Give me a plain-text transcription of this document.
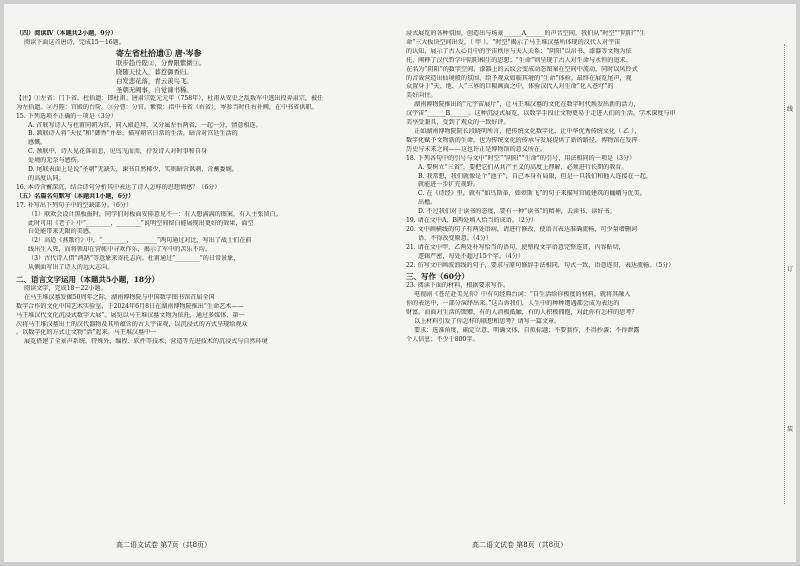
（四）阅读Ⅳ（本题共2小题，9分）

阅读下面这首唐诗，完成15～16题。

寄左省杜拾遗① 唐·岑参

联步趋丹陛②，分曹限紫微③。

晓随天仗入，暮惹御香归。

白发悲花落，青云羡鸟飞。

圣朝无阙事，自觉谏书稀。

【注】①左省：门下省。杜拾遗：即杜甫。唐肃宗乾元元年（758年），杜甫从安史之乱叛军中逃出投奔肃宗，被任

为左拾遗。②丹陛：宫殿的台阶。③分曹：分官。紫微：指中书省（右省），岑参当时任右补阙，在中书省供职。

15. 下列选项不正确的一项是（3分）

A. 首联写诗人与杜甫同朝为官，同入殿趋拜，又分属左右两省，一起一分，情意相连。

B. 颔联诗人将“天仗”和“御香”并举，描写朝官日常的生活，暗含对宫廷生活的

感慨。

C. 颈联中，诗人见花落而悲，见鸟飞而羡，抒发诗人对时事和自身

处境的无奈与感伤。

D. 尾联表面上是说“圣朝”无缺失，谏书自然稀少，实则暗含讽刺，含蓄委婉。

的高度认同。

16. 本诗含蓄深沉，结合诗句分析其中表达了诗人怎样的思想情感？（6分）

（五）名篇名句默写（本题共1小题，6分）

17. 补写出下列句子中的空缺部分。（6分）

（1）联欢会设计黑板报时，同学们对板面安排意见不一：有人想满满的图案，有人主张留白。

此时可用《老子》中“________，________”说明空间留白能展现出更好的效果，面空

白处能带来无限的美感。

（2）高适《燕歌行》中，“________，________”两句通过对比，写出了战士们在前

线出生入死，而将领却在营帐中寻欢作乐，揭示了军中的苦乐不均。

（3）古代诗人借“鸿鹄”等意象来寄托志向。杜甫通过“________”的日常景象，

从侧面写出了诗人的远大志向。

二、语言文字运用（本题共5小题，18分）

阅读文字，完成18～22小题。

在马王堆汉墓发掘50周年之际，湖南博物院与中国数字图书馆首届全国

数字合作的文化中国艺术实验室，于2024年6月8日在湖南博物院推出“生命艺术——

马王堆汉代文化沉浸式数字大展”。展览以马王堆汉墓文物为依托，通过多媒体、第一

次将马王堆汉墓出土的汉代器物及其所蕴含的古人宇宙观，以沉浸式的方式呈现给观众

。以数字化的方式让文物“活”起来。马王堆汉墓中一

展览搭建了全景声系统、特殊外、编程、软件等技术，营造等先进技术的沉浸式与自然环境

浸式展览的各种氛围，创造出与场景______A______的声音空间。我们从“时空”“阴阳”“生

命”三大板块空间出发，（ 甲 ）。“时空”揭示了马王堆汉墓所体现的汉代人对宇宙

的认知，展示了古人心目中的宇宙秩序与天人关系；“阴阳”以帛书、漆器等文物为依

托，阐释了汉代哲学中阴阳相生的思想；“生命”则呈现了古人对生命与永恒的追求。

在名为“阴阳”的数字空间，漆器上的云纹会变成动态图案在空间中流动，同时以风铃式

的音效营造出仙境般的氛围，给予观众如临其境的“生命”体验。最终在展览尾声，观

众置身于“天、地、人”三界的巨幅画面之中，体验汉代人对生命“化入苍穹”的

美好向往。

湖南博物院推出的“元宇宙展厅”，让马王堆汉墓的文化在数字时代焕发出新的活力，

汉宇宙”______B______。这种沉浸式展览，以数字手段让文物更易于走进人们的生活，学术深度与审

美享受兼具，受到了观众的一致好评。

正如湖南博物院院长段晓明所言，把传统文化数字化，让中华优秀传统文化（ 乙 ），

数字化赋予文物新的生命，也为传统文化的传承与发展提供了新的路径，博物馆在发挥

历史与未来之间——这也许正是博物馆的意义所在。

18. 下列各句中的引号与文中“时空”“阴阳”“生命”的引号，用法相同的一项是（3分）

A. 要树立“三省”，要把它们从共产主义的高度上理解，必须进行长期的教育。

B. 我常想，我们就像是个“池子”，自己本身有局限，但是一旦我们和他人连接在一起，

就能进一步扩充视野。

C. 在《诗经》里，就有“如鸟斯革，如翚斯飞”的句子来描写宫殿建筑的巍峨与优美。

出檐。

D. 不过我们对于读书的态度，要有一种“读书”的精神，去读书、读好书。

19. 请在文中A、B两处填入恰当的成语。（2分）

20. 文中画横线的句子有两处语病，请进行修改，使语言表达准确流畅，可少量增删词

语，不得改变原意。（4分）

21. 请在文中甲、乙两处补写恰当的语句，使整段文字语意完整连贯，内容贴切，

逻辑严密，每处不超过15个字。（4分）

22. 仿写文中画波浪线的句子，要求与原句修辞手法相同，句式一致，语意连贯，表达流畅。（5分）

三、写作（60分）

23. 阅读下面的材料，根据要求写作。

电视剧《苍茫赴美见你》中有句经典台词：“自生活给你极度的材料，就将其融入

你的表达中，一部分演绎出来。”这告诉我们，人生中的种种遭遇都会成为表达的

财富。而面对生活的馈赠，有的人消极抵触，有的人积极拥抱，对此你有怎样的思考？

以上材料引发了你怎样的联想和思考？请写一篇文章。

要求：选准角度，确定立意，明确文体，自拟标题；不要套作，不得抄袭；不得泄露

个人信息；不少于800字。

高二语文试卷 第7页（共8页）	高二语文试卷 第8页（共8页）
线
订
装
